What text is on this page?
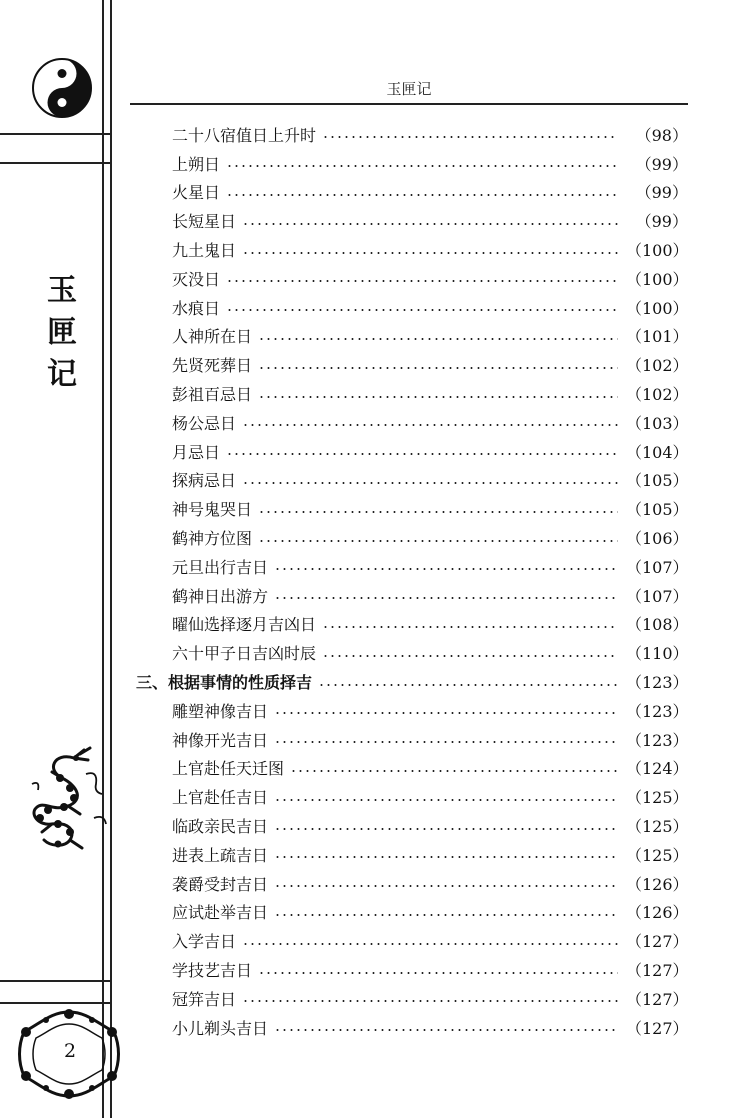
玉
匣
记
2
玉匣记
二十八宿值日上升时	（98）
上朔日	（99）
火星日	（99）
长短星日	（99）
九土鬼日	（100）
灭没日	（100）
水痕日	（100）
人神所在日	（101）
先贤死葬日	（102）
彭祖百忌日	（102）
杨公忌日	（103）
月忌日	（104）
探病忌日	（105）
神号鬼哭日	（105）
鹤神方位图	（106）
元旦出行吉日	（107）
鹤神日出游方	（107）
曜仙选择逐月吉凶日	（108）
六十甲子日吉凶时辰	（110）
三、根据事情的性质择吉	（123）
雕塑神像吉日	（123）
神像开光吉日	（123）
上官赴任天迁图	（124）
上官赴任吉日	（125）
临政亲民吉日	（125）
进表上疏吉日	（125）
袭爵受封吉日	（126）
应试赴举吉日	（126）
入学吉日	（127）
学技艺吉日	（127）
冠笄吉日	（127）
小儿剃头吉日	（127）
